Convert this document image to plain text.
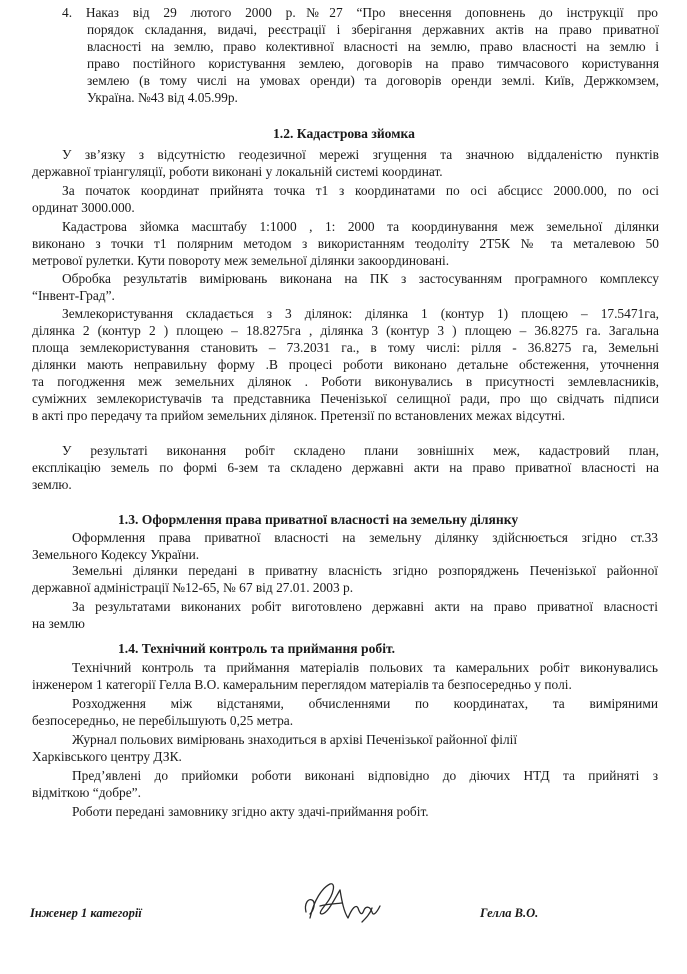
4. Наказ від 29 лютого 2000 р.№27 “Про внесення доповнень до інструкції про
порядок складання, видачі, реєстрації і зберігання державних актів на право приватної
власності на землю, право колективної власності на землю, право власності на землю і
право постійного користування землею, договорів на право тимчасового користування
землею (в тому числі на умовах оренди) та договорів оренди землі. Київ, Держкомзем,
Україна. №43 від 4.05.99р.
1.2. Кадастрова зйомка
У зв’язку з відсутністю геодезичної мережі згущення та значною віддаленістю пунктів
державної тріангуляції, роботи виконані у локальній системі координат.
За початок координат прийнята точка т1 з координатами по осі абсцисс 2000.000, по осі
ординат 3000.000.
Кадастрова зйомка масштабу 1:1000 , 1: 2000 та координування меж земельної ділянки
виконано з точки т1 полярним методом з використанням теодоліту 2Т5К № та металевою 50
метрової рулетки. Кути повороту меж земельної ділянки закоординовані.
Обробка результатів вимірювань виконана на ПК з застосуванням програмного комплексу
“Інвент-Град”.
Землекористування складається з 3 ділянок: ділянка 1 (контур 1) площею – 17.5471га,
ділянка 2 (контур 2 ) площею – 18.8275га , ділянка 3 (контур 3 ) площею – 36.8275 га. Загальна
площа землекористування становить – 73.2031 га., в тому числі: рілля - 36.8275 га, Земельні
ділянки мають неправильну форму .В процесі роботи виконано детальне обстеження, уточнення
та погодження меж земельних ділянок . Роботи виконувались в присутності землевласників,
суміжних землекористувачів та представника Печенізької селищної ради, про що свідчать підписи
в акті про передачу та прийом земельних ділянок. Претензії по встановлених межах відсутні.
У результаті виконання робіт складено плани зовнішніх меж, кадастровий план,
експлікацію земель по формі 6-зем та складено державні акти на право приватної власності на
землю.
1.3. Оформлення права приватної власності на земельну ділянку
Оформлення права приватної власності на земельну ділянку здійснюється згідно ст.33
Земельного Кодексу України.
Земельні ділянки передані в приватну власність згідно розпоряджень Печенізької районної
державної адміністрації №12-65, № 67 від 27.01. 2003 р.
За результатами виконаних робіт виготовлено державні акти на право приватної власності
на землю
1.4. Технічний контроль та приймання робіт.
Технічний контроль та приймання матеріалів польових та камеральних робіт виконувались
інженером 1 категорії Гелла В.О. камеральним переглядом матеріалів та безпосередньо у полі.
Розходження між відстанями, обчисленнями по координатах, та виміряними
безпосередньо, не перебільшують 0,25 метра.
Журнал польових вимірювань знаходиться в архіві Печенізької районної філії
Харківського центру ДЗК.
Пред’явлені до прийомки роботи виконані відповідно до діючих НТД та прийняті з
відміткою “добре”.
Роботи передані замовнику згідно акту здачі-приймання робіт.
Інженер 1 категорії	Гелла В.О.
